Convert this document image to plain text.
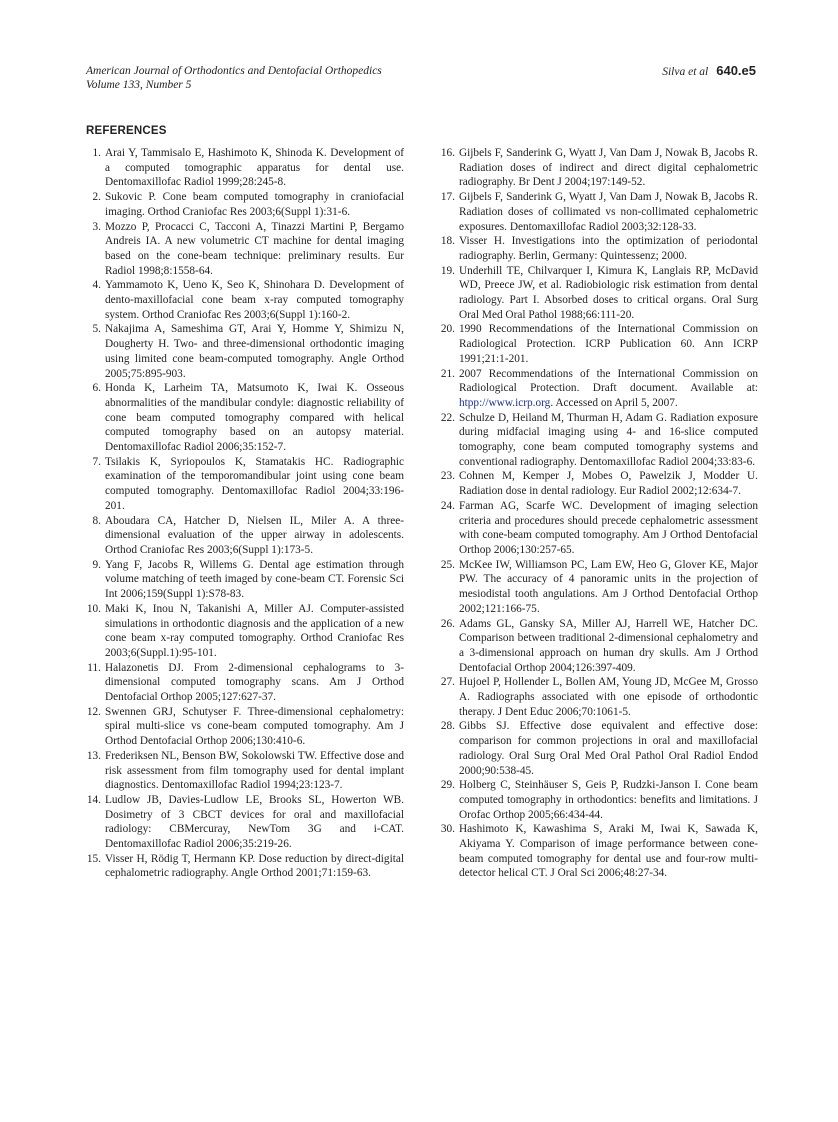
American Journal of Orthodontics and Dentofacial Orthopedics
Volume 133, Number 5
Silva et al 640.e5
REFERENCES
1. Arai Y, Tammisalo E, Hashimoto K, Shinoda K. Development of a computed tomographic apparatus for dental use. Dentomaxillofac Radiol 1999;28:245-8.
2. Sukovic P. Cone beam computed tomography in craniofacial imaging. Orthod Craniofac Res 2003;6(Suppl 1):31-6.
3. Mozzo P, Procacci C, Tacconi A, Tinazzi Martini P, Bergamo Andreis IA. A new volumetric CT machine for dental imaging based on the cone-beam technique: preliminary results. Eur Radiol 1998;8:1558-64.
4. Yammamoto K, Ueno K, Seo K, Shinohara D. Development of dento-maxillofacial cone beam x-ray computed tomography system. Orthod Craniofac Res 2003;6(Suppl 1):160-2.
5. Nakajima A, Sameshima GT, Arai Y, Homme Y, Shimizu N, Dougherty H. Two- and three-dimensional orthodontic imaging using limited cone beam-computed tomography. Angle Orthod 2005;75:895-903.
6. Honda K, Larheim TA, Matsumoto K, Iwai K. Osseous abnormalities of the mandibular condyle: diagnostic reliability of cone beam computed tomography compared with helical computed tomography based on an autopsy material. Dentomaxillofac Radiol 2006;35:152-7.
7. Tsilakis K, Syriopoulos K, Stamatakis HC. Radiographic examination of the temporomandibular joint using cone beam computed tomography. Dentomaxillofac Radiol 2004;33:196-201.
8. Aboudara CA, Hatcher D, Nielsen IL, Miler A. A three-dimensional evaluation of the upper airway in adolescents. Orthod Craniofac Res 2003;6(Suppl 1):173-5.
9. Yang F, Jacobs R, Willems G. Dental age estimation through volume matching of teeth imaged by cone-beam CT. Forensic Sci Int 2006;159(Suppl 1):S78-83.
10. Maki K, Inou N, Takanishi A, Miller AJ. Computer-assisted simulations in orthodontic diagnosis and the application of a new cone beam x-ray computed tomography. Orthod Craniofac Res 2003;6(Suppl.1):95-101.
11. Halazonetis DJ. From 2-dimensional cephalograms to 3-dimensional computed tomography scans. Am J Orthod Dentofacial Orthop 2005;127:627-37.
12. Swennen GRJ, Schutyser F. Three-dimensional cephalometry: spiral multi-slice vs cone-beam computed tomography. Am J Orthod Dentofacial Orthop 2006;130:410-6.
13. Frederiksen NL, Benson BW, Sokolowski TW. Effective dose and risk assessment from film tomography used for dental implant diagnostics. Dentomaxillofac Radiol 1994;23:123-7.
14. Ludlow JB, Davies-Ludlow LE, Brooks SL, Howerton WB. Dosimetry of 3 CBCT devices for oral and maxillofacial radiology: CBMercuray, NewTom 3G and i-CAT. Dentomaxillofac Radiol 2006;35:219-26.
15. Visser H, Rödig T, Hermann KP. Dose reduction by direct-digital cephalometric radiography. Angle Orthod 2001;71:159-63.
16. Gijbels F, Sanderink G, Wyatt J, Van Dam J, Nowak B, Jacobs R. Radiation doses of indirect and direct digital cephalometric radiography. Br Dent J 2004;197:149-52.
17. Gijbels F, Sanderink G, Wyatt J, Van Dam J, Nowak B, Jacobs R. Radiation doses of collimated vs non-collimated cephalometric exposures. Dentomaxillofac Radiol 2003;32:128-33.
18. Visser H. Investigations into the optimization of periodontal radiography. Berlin, Germany: Quintessenz; 2000.
19. Underhill TE, Chilvarquer I, Kimura K, Langlais RP, McDavid WD, Preece JW, et al. Radiobiologic risk estimation from dental radiology. Part I. Absorbed doses to critical organs. Oral Surg Oral Med Oral Pathol 1988;66:111-20.
20. 1990 Recommendations of the International Commission on Radiological Protection. ICRP Publication 60. Ann ICRP 1991;21:1-201.
21. 2007 Recommendations of the International Commission on Radiological Protection. Draft document. Available at: htpp://www.icrp.org. Accessed on April 5, 2007.
22. Schulze D, Heiland M, Thurman H, Adam G. Radiation exposure during midfacial imaging using 4- and 16-slice computed tomography, cone beam computed tomography systems and conventional radiography. Dentomaxillofac Radiol 2004;33:83-6.
23. Cohnen M, Kemper J, Mobes O, Pawelzik J, Modder U. Radiation dose in dental radiology. Eur Radiol 2002;12:634-7.
24. Farman AG, Scarfe WC. Development of imaging selection criteria and procedures should precede cephalometric assessment with cone-beam computed tomography. Am J Orthod Dentofacial Orthop 2006;130:257-65.
25. McKee IW, Williamson PC, Lam EW, Heo G, Glover KE, Major PW. The accuracy of 4 panoramic units in the projection of mesiodistal tooth angulations. Am J Orthod Dentofacial Orthop 2002;121:166-75.
26. Adams GL, Gansky SA, Miller AJ, Harrell WE, Hatcher DC. Comparison between traditional 2-dimensional cephalometry and a 3-dimensional approach on human dry skulls. Am J Orthod Dentofacial Orthop 2004;126:397-409.
27. Hujoel P, Hollender L, Bollen AM, Young JD, McGee M, Grosso A. Radiographs associated with one episode of orthodontic therapy. J Dent Educ 2006;70:1061-5.
28. Gibbs SJ. Effective dose equivalent and effective dose: comparison for common projections in oral and maxillofacial radiology. Oral Surg Oral Med Oral Pathol Oral Radiol Endod 2000;90:538-45.
29. Holberg C, Steinhäuser S, Geis P, Rudzki-Janson I. Cone beam computed tomography in orthodontics: benefits and limitations. J Orofac Orthop 2005;66:434-44.
30. Hashimoto K, Kawashima S, Araki M, Iwai K, Sawada K, Akiyama Y. Comparison of image performance between cone-beam computed tomography for dental use and four-row multi-detector helical CT. J Oral Sci 2006;48:27-34.
